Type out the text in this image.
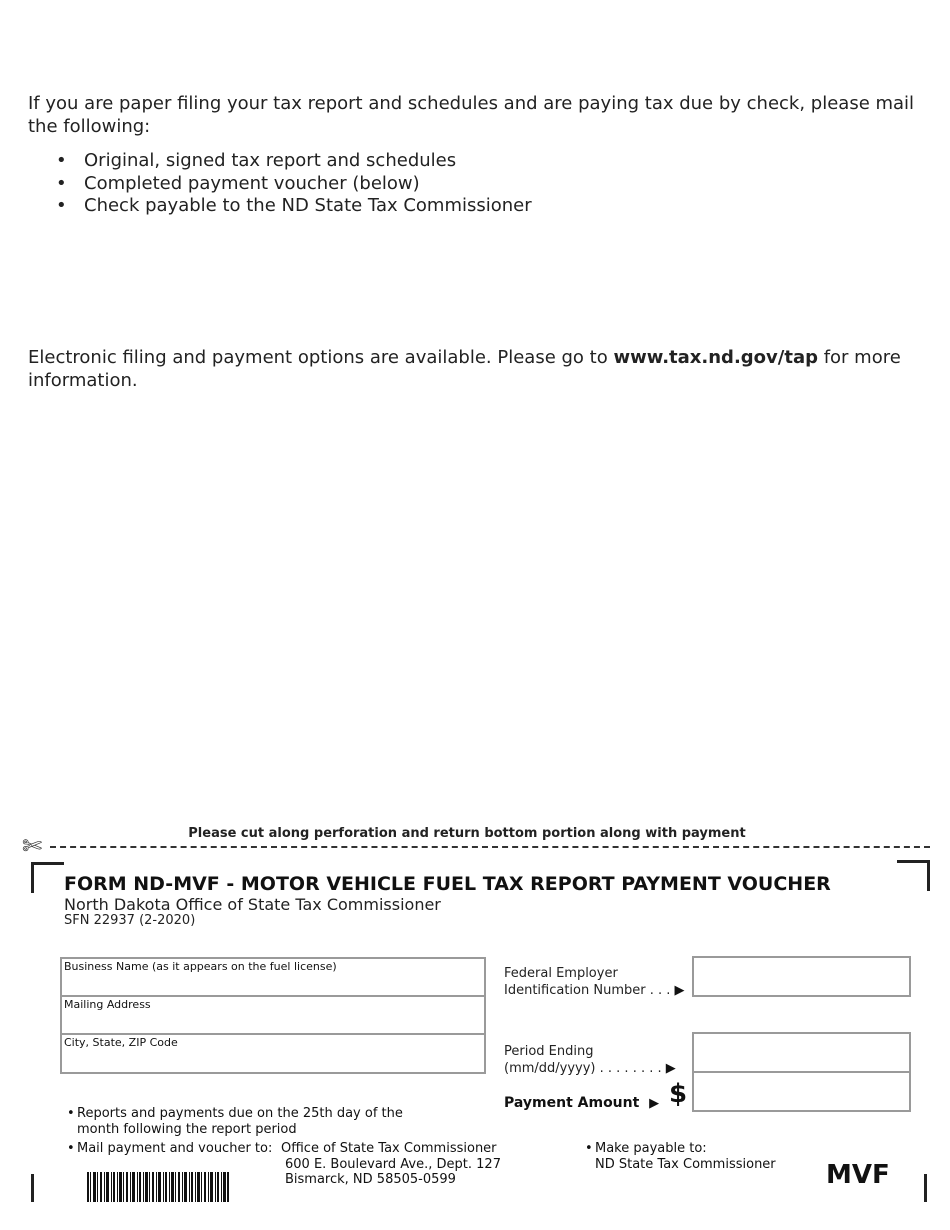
If you are paper filing your tax report and schedules and are paying tax due by check, please mail the following:

• Original, signed tax report and schedules
• Completed payment voucher (below)
• Check payable to the ND State Tax Commissioner

Electronic filing and payment options are available. Please go to www.tax.nd.gov/tap for more information.

Please cut along perforation and return bottom portion along with payment
✄
FORM ND-MVF - MOTOR VEHICLE FUEL TAX REPORT PAYMENT VOUCHER
North Dakota Office of State Tax Commissioner
SFN 22937 (2-2020)
Business Name (as it appears on the fuel license)
Mailing Address
City, State, ZIP Code
Federal Employer
Identification Number . . . ▶
Period Ending
(mm/dd/yyyy) . . . . . . . . ▶
Payment Amount ▶ $
• Reports and payments due on the 25th day of the
month following the report period
• Mail payment and voucher to: Office of State Tax Commissioner
600 E. Boulevard Ave., Dept. 127
Bismarck, ND 58505-0599
• Make payable to:
ND State Tax Commissioner MVF
